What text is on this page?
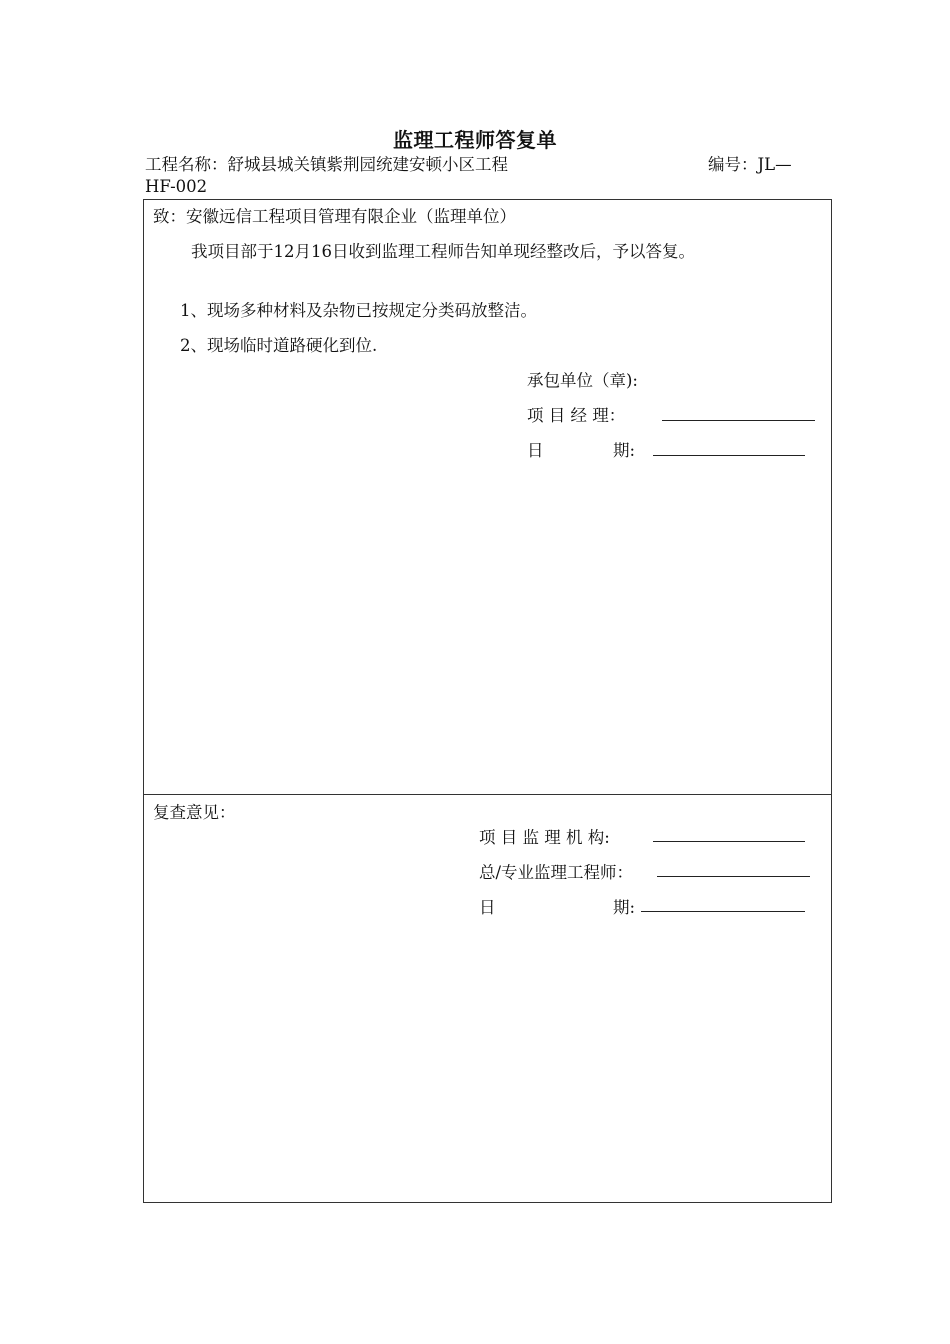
监理工程师答复单
工程名称：舒城县城关镇紫荆园统建安顿小区工程	编号：JL—
HF-002
致：安徽远信工程项目管理有限企业（监理单位）
我项目部于12月16日收到监理工程师告知单现经整改后，予以答复。
1、现场多种材料及杂物已按规定分类码放整洁。
2、现场临时道路硬化到位.
承包单位（章):
项 目 经 理：
日	期:
复查意见：
项 目 监 理 机 构:
总/专业监理工程师：
日	期:
